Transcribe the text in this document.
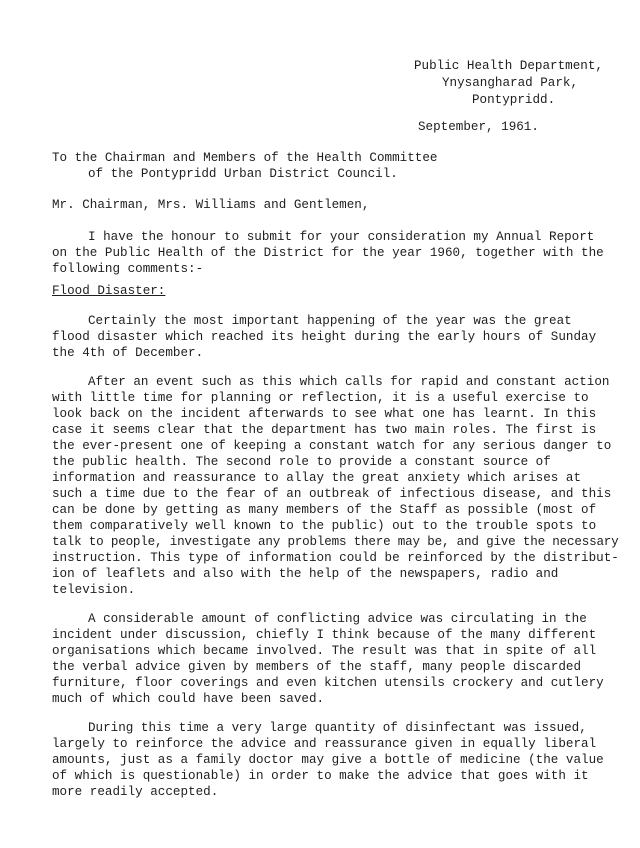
Public Health Department,
Ynysangharad Park,
Pontypridd.
September, 1961.
To the Chairman and Members of the Health Committee
of the Pontypridd Urban District Council.
Mr. Chairman, Mrs. Williams and Gentlemen,
I have the honour to submit for your consideration my Annual Report
on the Public Health of the District for the year 1960, together with the
following comments:-
Flood Disaster:
Certainly the most important happening of the year was the great
flood disaster which reached its height during the early hours of Sunday
the 4th of December.
After an event such as this which calls for rapid and constant action
with little time for planning or reflection, it is a useful exercise to
look back on the incident afterwards to see what one has learnt. In this
case it seems clear that the department has two main roles. The first is
the ever-present one of keeping a constant watch for any serious danger to
the public health. The second role to provide a constant source of
information and reassurance to allay the great anxiety which arises at
such a time due to the fear of an outbreak of infectious disease, and this
can be done by getting as many members of the Staff as possible (most of
them comparatively well known to the public) out to the trouble spots to
talk to people, investigate any problems there may be, and give the necessary
instruction. This type of information could be reinforced by the distribut-
ion of leaflets and also with the help of the newspapers, radio and
television.
A considerable amount of conflicting advice was circulating in the
incident under discussion, chiefly I think because of the many different
organisations which became involved. The result was that in spite of all
the verbal advice given by members of the staff, many people discarded
furniture, floor coverings and even kitchen utensils crockery and cutlery
much of which could have been saved.
During this time a very large quantity of disinfectant was issued,
largely to reinforce the advice and reassurance given in equally liberal
amounts, just as a family doctor may give a bottle of medicine (the value
of which is questionable) in order to make the advice that goes with it
more readily accepted.
